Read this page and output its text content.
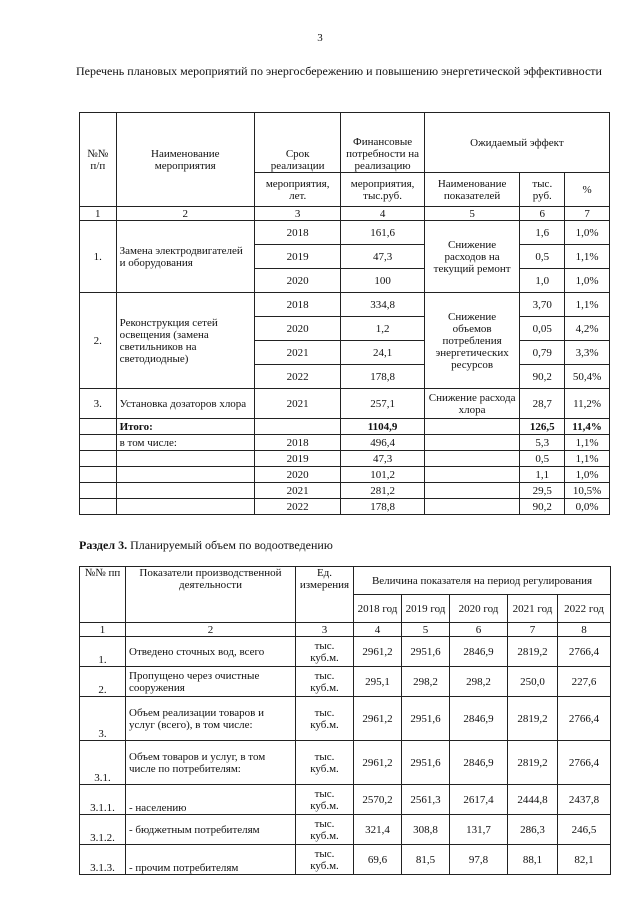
3
Перечень плановых мероприятий по энергосбережению и повышению энергетической эффективности
№№ п/п	Наименование мероприятия	Срок реализации	Финансовые потребности на реализацию	Ожидаемый эффект		
		мероприятия, лет.	мероприятия, тыс.руб.	Наименование показателей	тыс. руб.	%
1	2	3	4	5	6	7
1.	Замена электродвигателей и оборудования	2018	161,6	Снижение расходов на текущий ремонт	1,6	1,0%
		2019	47,3		0,5	1,1%
		2020	100		1,0	1,0%
2.	Реконструкция сетей освещения (замена светильников на светодиодные)	2018	334,8	Снижение объемов потребления энергетических ресурсов	3,70	1,1%
		2020	1,2		0,05	4,2%
		2021	24,1		0,79	3,3%
		2022	178,8		90,2	50,4%
3.	Установка дозаторов хлора	2021	257,1	Снижение расхода хлора	28,7	11,2%
	Итого:		1104,9		126,5	11,4%
	в том числе:	2018	496,4		5,3	1,1%
		2019	47,3		0,5	1,1%
		2020	101,2		1,1	1,0%
		2021	281,2		29,5	10,5%
		2022	178,8		90,2	0,0%
Раздел 3. Планируемый объем по водоотведению
№№ пп	Показатели производственной деятельности	Ед. измерения	Величина показателя на период регулирования				
			2018 год	2019 год	2020 год	2021 год	2022 год
1	2	3	4	5	6	7	8
1.	Отведено сточных вод, всего	тыс. куб.м.	2961,2	2951,6	2846,9	2819,2	2766,4
2.	Пропущено через очистные сооружения	тыс. куб.м.	295,1	298,2	298,2	250,0	227,6
3.	Объем реализации товаров и услуг (всего), в том числе:	тыс. куб.м.	2961,2	2951,6	2846,9	2819,2	2766,4
3.1.	Объем товаров и услуг, в том числе по потребителям:	тыс. куб.м.	2961,2	2951,6	2846,9	2819,2	2766,4
3.1.1.	- населению	тыс. куб.м.	2570,2	2561,3	2617,4	2444,8	2437,8
3.1.2.	- бюджетным потребителям	тыс. куб.м.	321,4	308,8	131,7	286,3	246,5
3.1.3.	- прочим потребителям	тыс. куб.м.	69,6	81,5	97,8	88,1	82,1
